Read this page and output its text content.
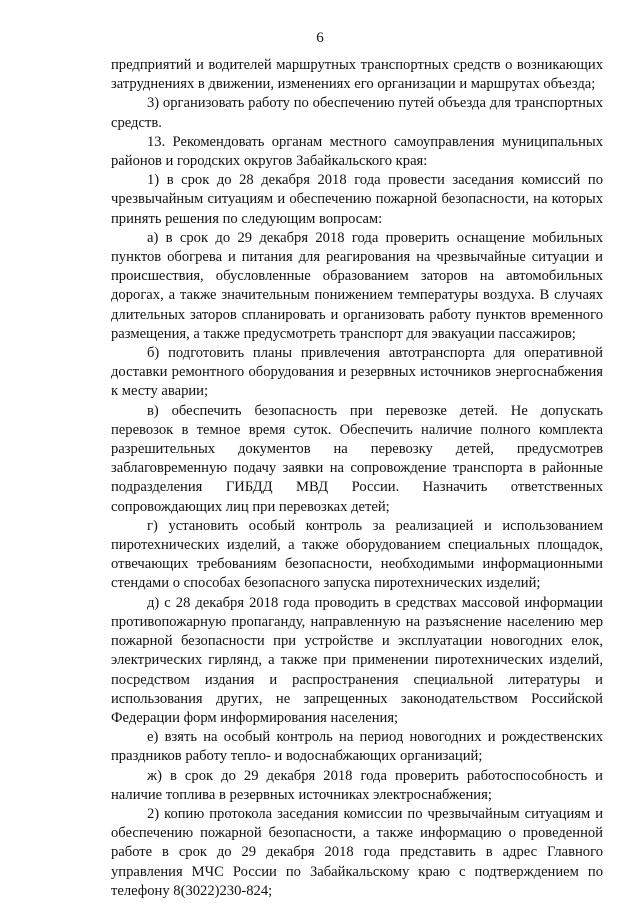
6

предприятий и водителей маршрутных транспортных средств о возникающих затруднениях в движении, изменениях его организации и маршрутах объезда;

3) организовать работу по обеспечению путей объезда для транспортных средств.

13. Рекомендовать органам местного самоуправления муниципальных районов и городских округов Забайкальского края:

1) в срок до 28 декабря 2018 года провести заседания комиссий по чрезвычайным ситуациям и обеспечению пожарной безопасности, на которых принять решения по следующим вопросам:

а) в срок до 29 декабря 2018 года проверить оснащение мобильных пунктов обогрева и питания для реагирования на чрезвычайные ситуации и происшествия, обусловленные образованием заторов на автомобильных дорогах, а также значительным понижением температуры воздуха. В случаях длительных заторов спланировать и организовать работу пунктов временного размещения, а также предусмотреть транспорт для эвакуации пассажиров;

б) подготовить планы привлечения автотранспорта для оперативной доставки ремонтного оборудования и резервных источников энергоснабжения к месту аварии;

в) обеспечить безопасность при перевозке детей. Не допускать перевозок в темное время суток. Обеспечить наличие полного комплекта разрешительных документов на перевозку детей, предусмотрев заблаговременную подачу заявки на сопровождение транспорта в районные подразделения ГИБДД МВД России. Назначить ответственных сопровождающих лиц при перевозках детей;

г) установить особый контроль за реализацией и использованием пиротехнических изделий, а также оборудованием специальных площадок, отвечающих требованиям безопасности, необходимыми информационными стендами о способах безопасного запуска пиротехнических изделий;

д) с 28 декабря 2018 года проводить в средствах массовой информации противопожарную пропаганду, направленную на разъяснение населению мер пожарной безопасности при устройстве и эксплуатации новогодних елок, электрических гирлянд, а также при применении пиротехнических изделий, посредством издания и распространения специальной литературы и использования других, не запрещенных законодательством Российской Федерации форм информирования населения;

е) взять на особый контроль на период новогодних и рождественских праздников работу тепло- и водоснабжающих организаций;

ж) в срок до 29 декабря 2018 года проверить работоспособность и наличие топлива в резервных источниках электроснабжения;

2) копию протокола заседания комиссии по чрезвычайным ситуациям и обеспечению пожарной безопасности, а также информацию о проведенной работе в срок до 29 декабря 2018 года представить в адрес Главного управления МЧС России по Забайкальскому краю с подтверждением по телефону 8(3022)230-824;
